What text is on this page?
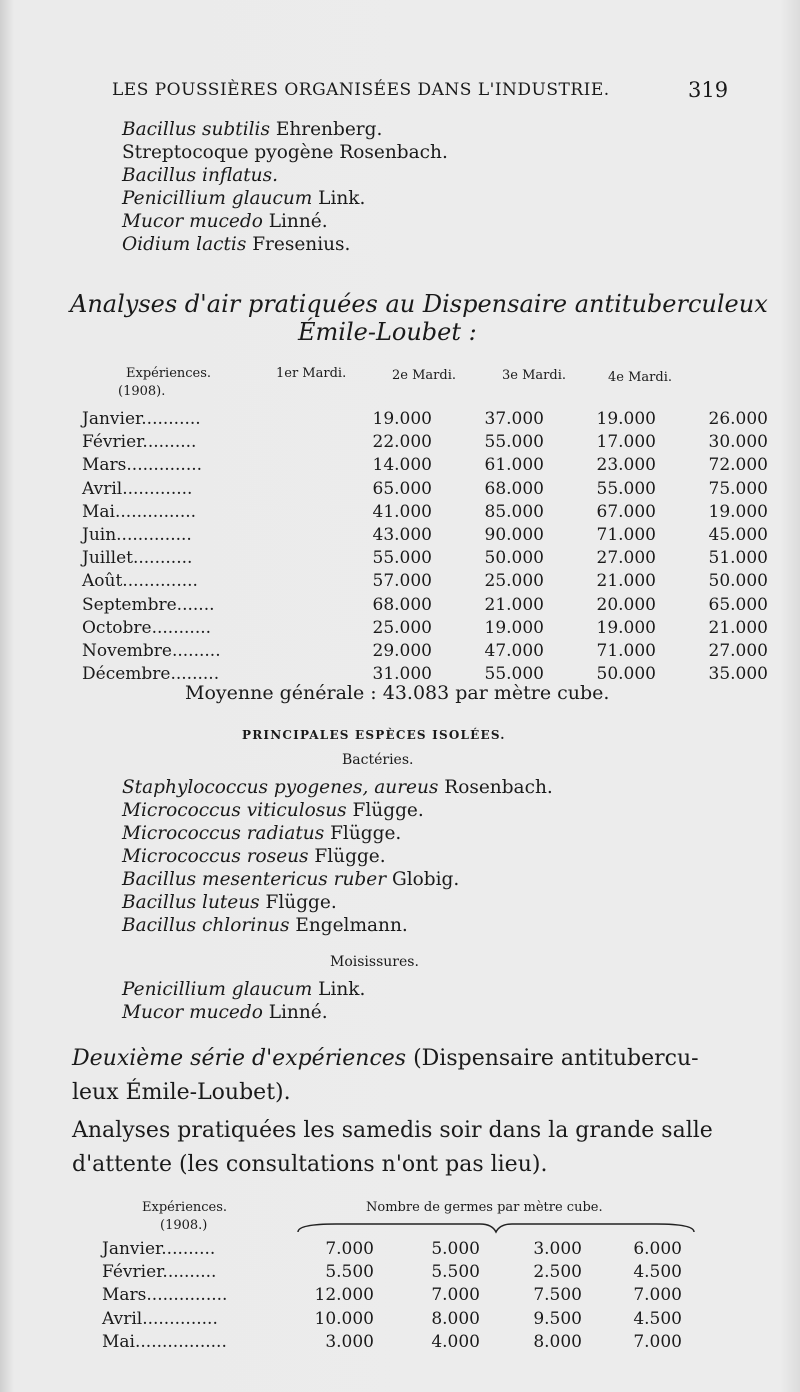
LES POUSSIÈRES ORGANISÉES DANS L'INDUSTRIE.	319
Bacillus subtilis Ehrenberg.
Streptocoque pyogène Rosenbach.
Bacillus inflatus.
Penicillium glaucum Link.
Mucor mucedo Linné.
Oidium lactis Fresenius.
Analyses d'air pratiquées au Dispensaire antituberculeux
Émile-Loubet :
Expériences.
(1908).
1er Mardi.	2e Mardi.	3e Mardi.	4e Mardi.
Janvier...........	19.000	37.000	19.000	26.000
Février..........	22.000	55.000	17.000	30.000
Mars..............	14.000	61.000	23.000	72.000
Avril.............	65.000	68.000	55.000	75.000
Mai...............	41.000	85.000	67.000	19.000
Juin..............	43.000	90.000	71.000	45.000
Juillet...........	55.000	50.000	27.000	51.000
Août..............	57.000	25.000	21.000	50.000
Septembre.......	68.000	21.000	20.000	65.000
Octobre...........	25.000	19.000	19.000	21.000
Novembre.........	29.000	47.000	71.000	27.000
Décembre.........	31.000	55.000	50.000	35.000
Moyenne générale : 43.083 par mètre cube.
PRINCIPALES ESPÈCES ISOLÉES.
Bactéries.
Staphylococcus pyogenes, aureus Rosenbach.
Micrococcus viticulosus Flügge.
Micrococcus radiatus Flügge.
Micrococcus roseus Flügge.
Bacillus mesentericus ruber Globig.
Bacillus luteus Flügge.
Bacillus chlorinus Engelmann.
Moisissures.
Penicillium glaucum Link.
Mucor mucedo Linné.
Deuxième série d'expériences (Dispensaire antitubercu-
leux Émile-Loubet).
Analyses pratiquées les samedis soir dans la grande salle
d'attente (les consultations n'ont pas lieu).
Expériences.
(1908.)
Nombre de germes par mètre cube.
Janvier..........	7.000	5.000	3.000	6.000
Février..........	5.500	5.500	2.500	4.500
Mars...............	12.000	7.000	7.500	7.000
Avril..............	10.000	8.000	9.500	4.500
Mai.................	3.000	4.000	8.000	7.000
